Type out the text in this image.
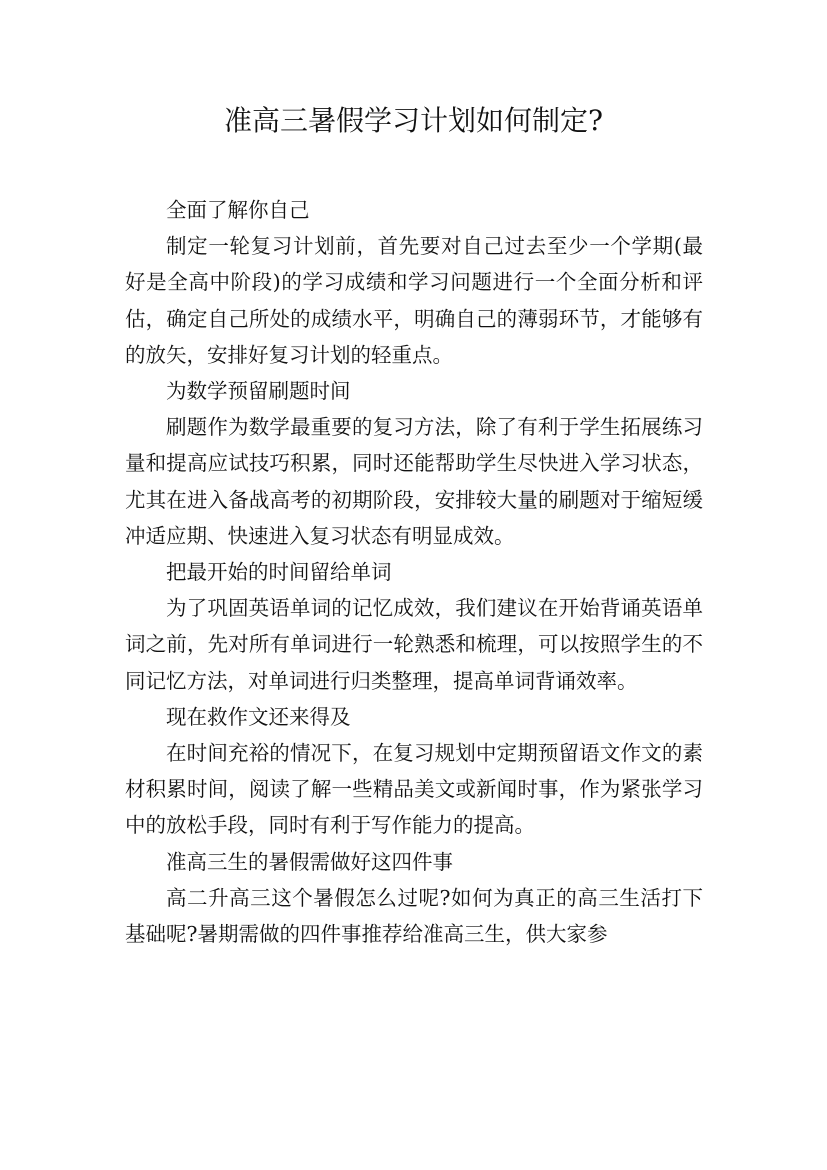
准高三暑假学习计划如何制定?

全面了解你自己

制定一轮复习计划前，首先要对自己过去至少一个学期(最好是全高中阶段)的学习成绩和学习问题进行一个全面分析和评估，确定自己所处的成绩水平，明确自己的薄弱环节，才能够有的放矢，安排好复习计划的轻重点。

为数学预留刷题时间

刷题作为数学最重要的复习方法，除了有利于学生拓展练习量和提高应试技巧积累，同时还能帮助学生尽快进入学习状态，尤其在进入备战高考的初期阶段，安排较大量的刷题对于缩短缓冲适应期、快速进入复习状态有明显成效。

把最开始的时间留给单词

为了巩固英语单词的记忆成效，我们建议在开始背诵英语单词之前，先对所有单词进行一轮熟悉和梳理，可以按照学生的不同记忆方法，对单词进行归类整理，提高单词背诵效率。

现在救作文还来得及

在时间充裕的情况下，在复习规划中定期预留语文作文的素材积累时间，阅读了解一些精品美文或新闻时事，作为紧张学习中的放松手段，同时有利于写作能力的提高。

准高三生的暑假需做好这四件事

高二升高三这个暑假怎么过呢?如何为真正的高三生活打下基础呢?暑期需做的四件事推荐给准高三生，供大家参
